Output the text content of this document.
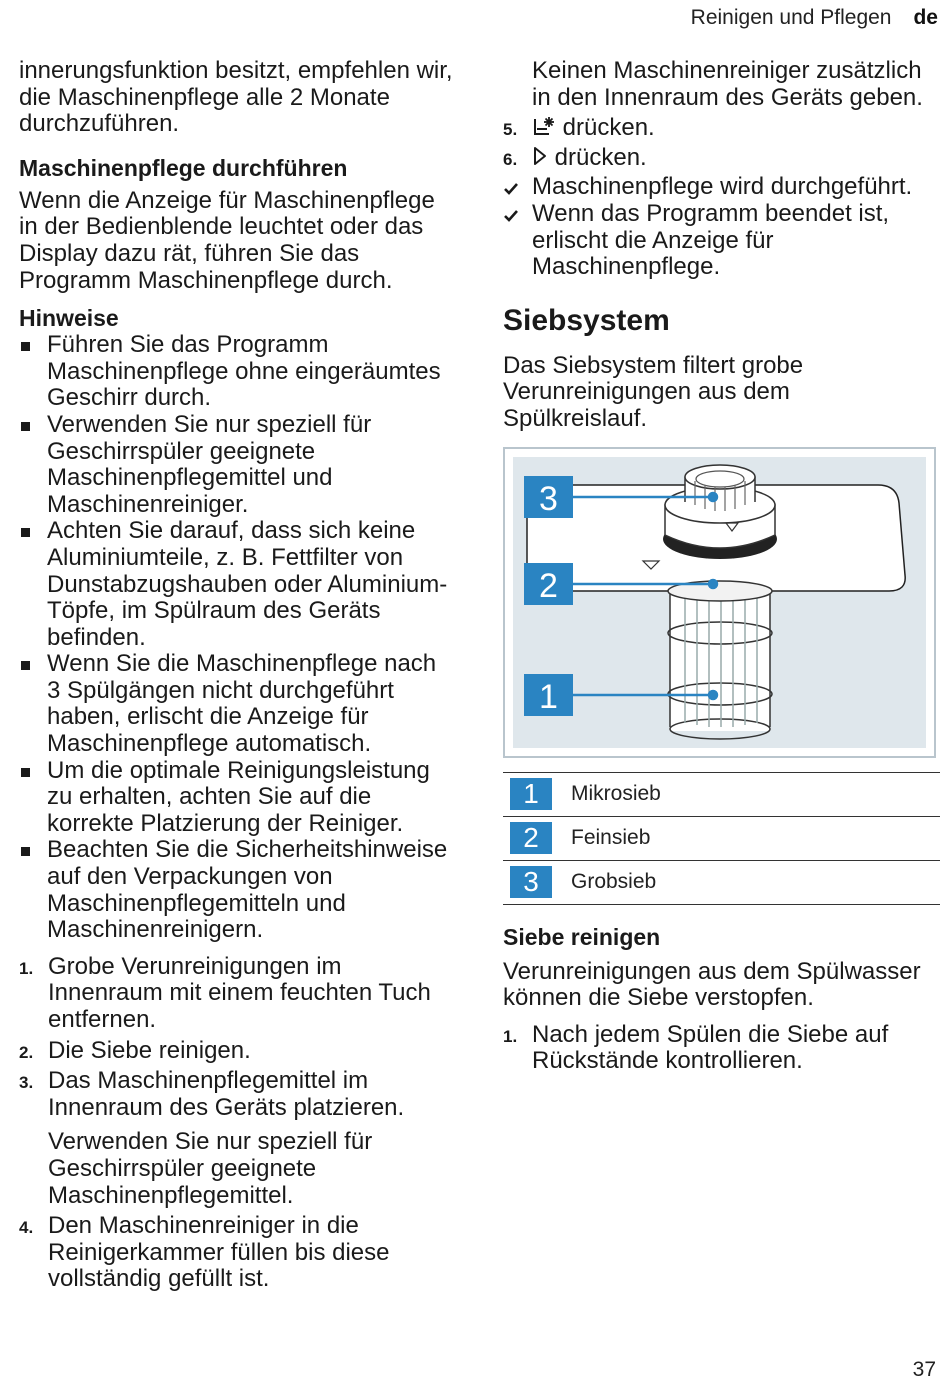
Reinigen und Pflegen de

innerungsfunktion besitzt, empfehlen wir, die Maschinenpflege alle 2 Monate durchzuführen.

Maschinenpflege durchführen

Wenn die Anzeige für Maschinenpflege in der Bedienblende leuchtet oder das Display dazu rät, führen Sie das Programm Maschinenpflege durch.

Hinweise
Führen Sie das Programm Maschinenpflege ohne eingeräumtes Geschirr durch.
Verwenden Sie nur speziell für Geschirrspüler geeignete Maschinenpflegemittel und Maschinenreiniger.
Achten Sie darauf, dass sich keine Aluminiumteile, z. B. Fettfilter von Dunstabzugshauben oder Aluminium-Töpfe, im Spülraum des Geräts befinden.
Wenn Sie die Maschinenpflege nach 3 Spülgängen nicht durchgeführt haben, erlischt die Anzeige für Maschinenpflege automatisch.
Um die optimale Reinigungsleistung zu erhalten, achten Sie auf die korrekte Platzierung der Reiniger.
Beachten Sie die Sicherheitshinweise auf den Verpackungen von Maschinenpflegemitteln und Maschinenreinigern.
1. Grobe Verunreinigungen im Innenraum mit einem feuchten Tuch entfernen.
2. Die Siebe reinigen.
3. Das Maschinenpflegemittel im Innenraum des Geräts platzieren.
Verwenden Sie nur speziell für Geschirrspüler geeignete Maschinenpflegemittel.
4. Den Maschinenreiniger in die Reinigerkammer füllen bis diese vollständig gefüllt ist.

Keinen Maschinenreiniger zusätzlich in den Innenraum des Geräts geben.

5. drücken.
6. drücken.
Maschinenpflege wird durchgeführt.
Wenn das Programm beendet ist, erlischt die Anzeige für Maschinenpflege.
Siebsystem

Das Siebsystem filtert grobe Verunreinigungen aus dem Spülkreislauf.

3
2
1
1	Mikrosieb
2	Feinsieb
3	Grobsieb
Siebe reinigen

Verunreinigungen aus dem Spülwasser können die Siebe verstopfen.

1. Nach jedem Spülen die Siebe auf Rückstände kontrollieren.
37
